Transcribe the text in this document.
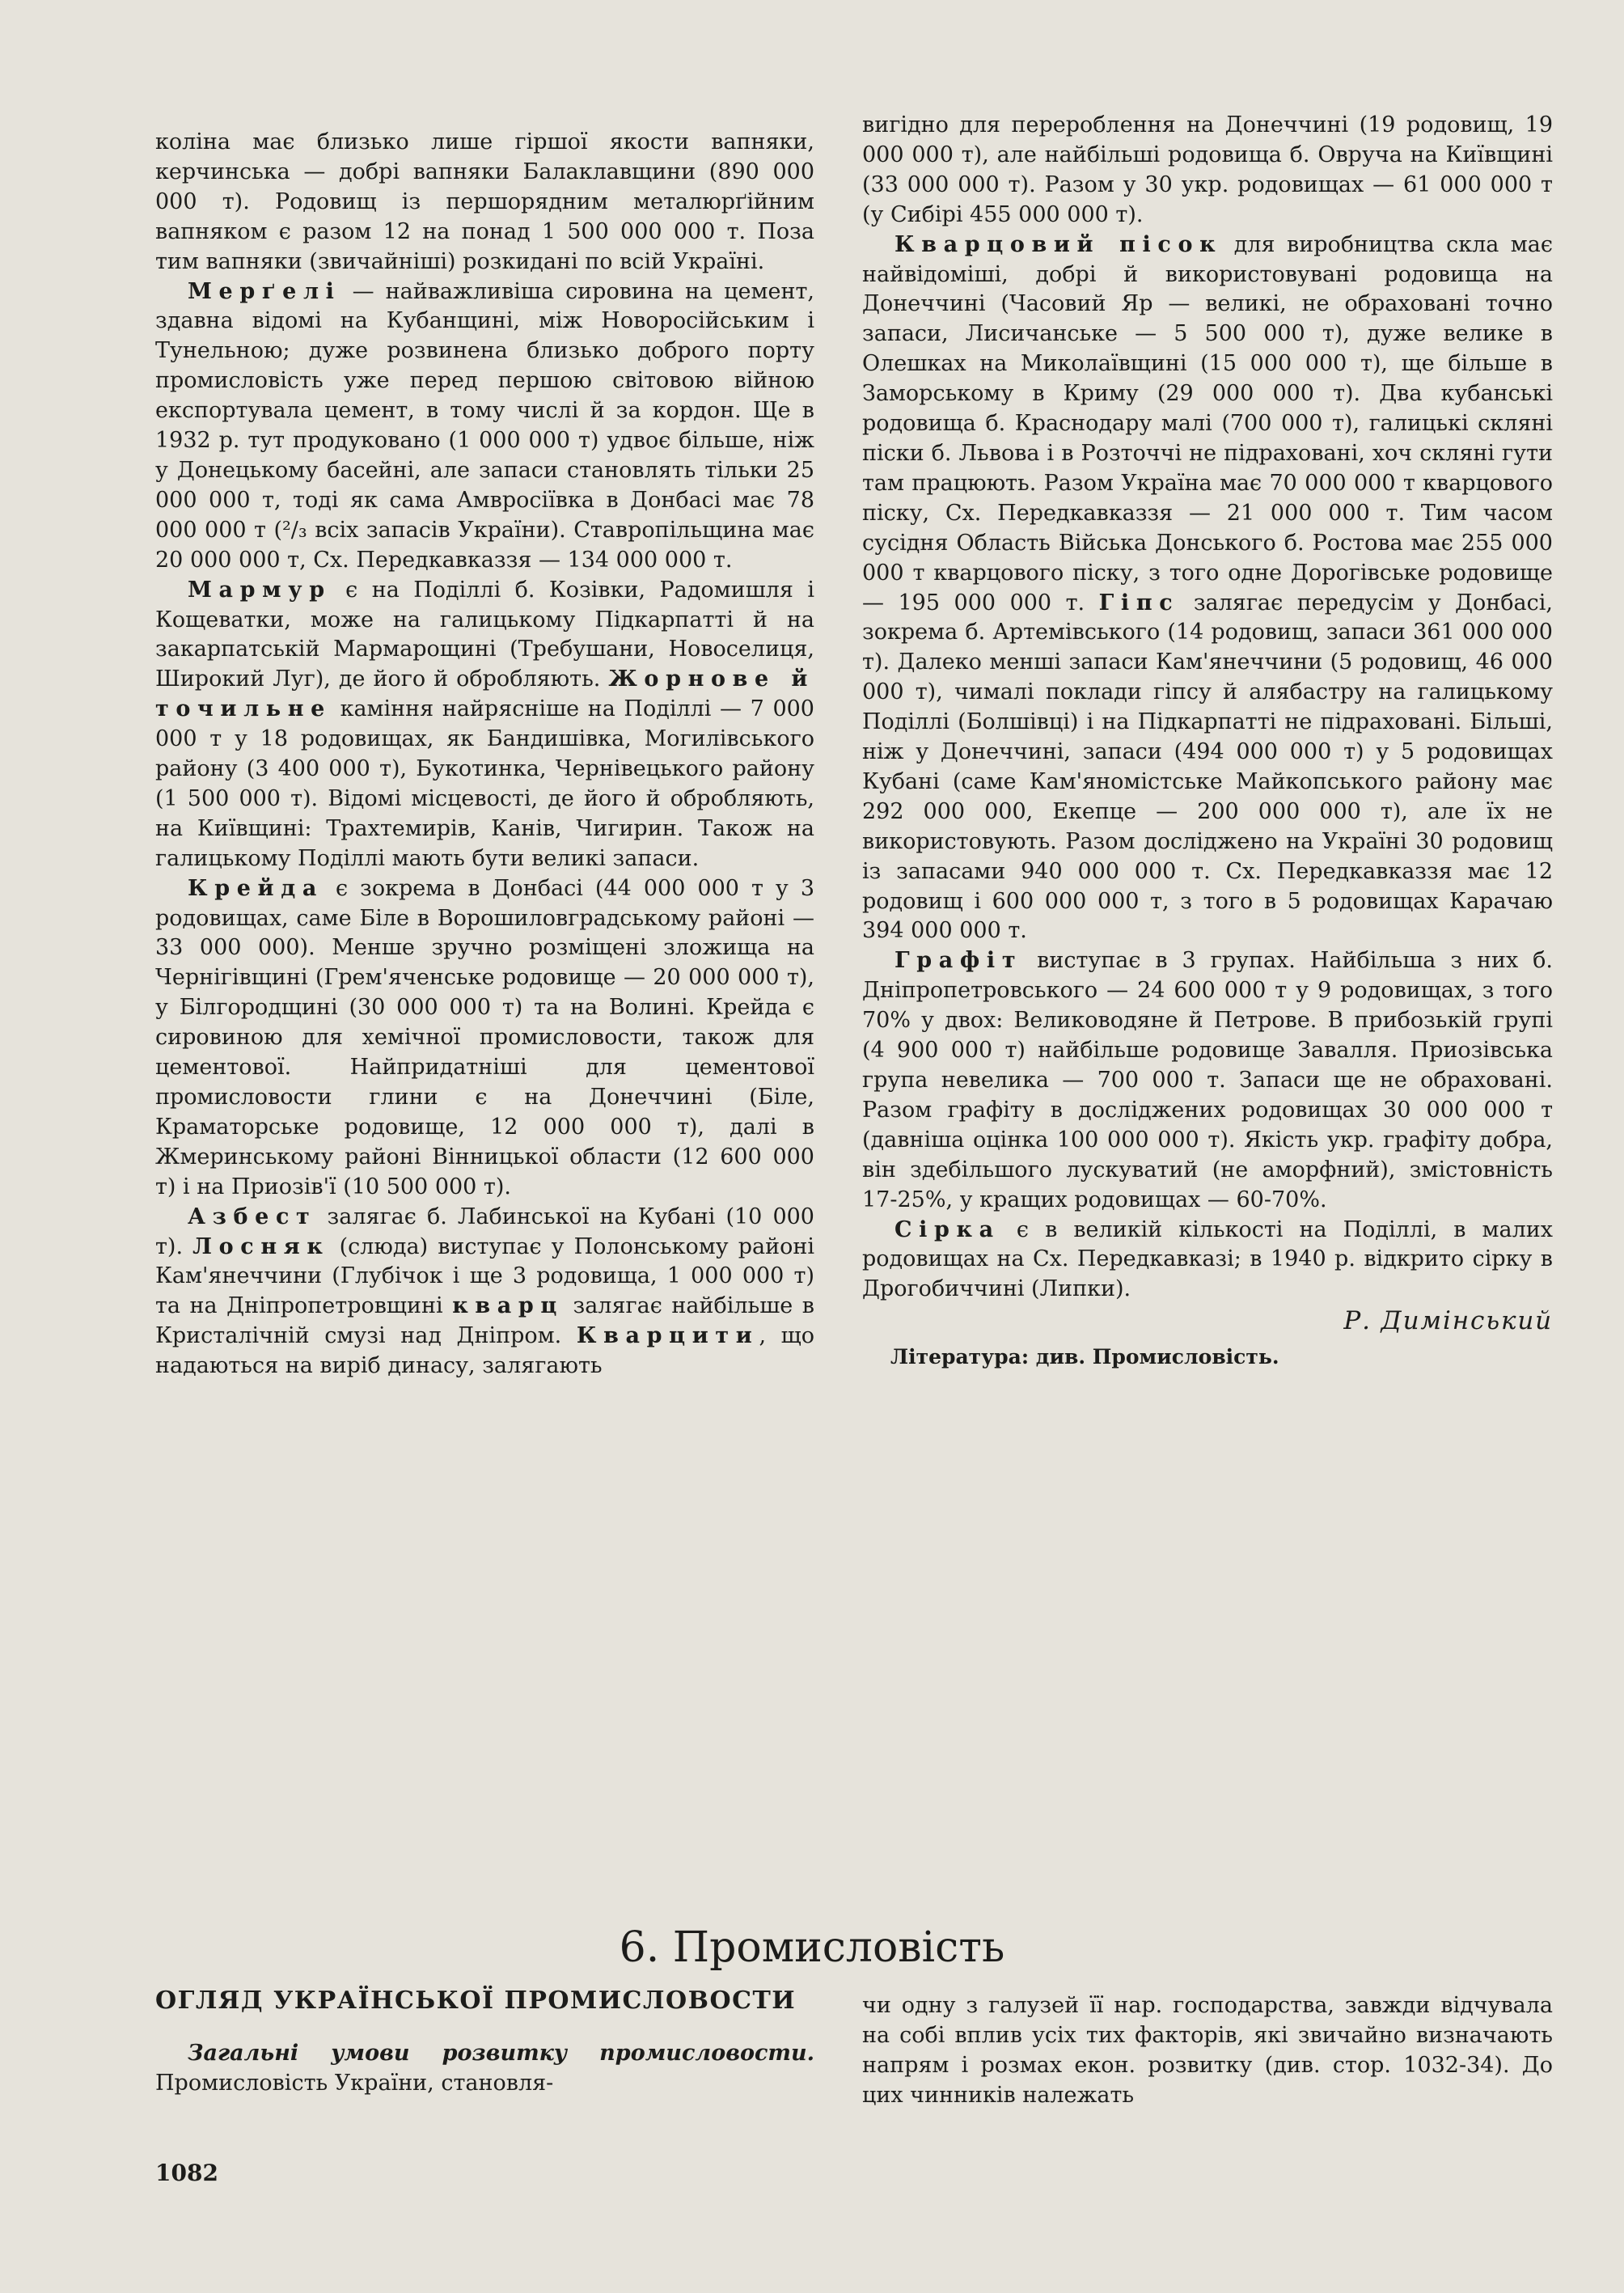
коліна має близько лише гіршої якости вапняки, керчинська — добрі вапняки Балаклавщини (890 000 000 т). Родовищ із першорядним металюрґійним вапняком є разом 12 на понад 1 500 000 000 т. Поза тим вапняки (звичайніші) розкидані по всій Україні.

Мерґелі — найважливіша сировина на цемент, здавна відомі на Кубанщині, між Новоросійським і Тунельною; дуже розвинена близько доброго порту промисловість уже перед першою світовою війною експортувала цемент, в тому числі й за кордон. Ще в 1932 р. тут продуковано (1 000 000 т) удвоє більше, ніж у Донецькому басейні, але запаси становлять тільки 25 000 000 т, тоді як сама Амвросіївка в Донбасі має 78 000 000 т (²/₃ всіх запасів України). Ставропільщина має 20 000 000 т, Сх. Передкавказзя — 134 000 000 т.

Мармур є на Поділлі б. Козівки, Радомишля і Кощеватки, може на галицькому Підкарпатті й на закарпатській Мармарощині (Требушани, Новоселиця, Широкий Луг), де його й обробляють. Жорнове й точильне каміння найрясніше на Поділлі — 7 000 000 т у 18 родовищах, як Бандишівка, Могилівського району (3 400 000 т), Букотинка, Чернівецького району (1 500 000 т). Відомі місцевості, де його й обробляють, на Київщині: Трахтемирів, Канів, Чигирин. Також на галицькому Поділлі мають бути великі запаси.

Крейда є зокрема в Донбасі (44 000 000 т у 3 родовищах, саме Біле в Ворошиловградському районі — 33 000 000). Менше зручно розміщені зложища на Чернігівщині (Грем'яченське родовище — 20 000 000 т), у Білгородщині (30 000 000 т) та на Волині. Крейда є сировиною для хемічної промисловости, також для цементової. Найпридатніші для цементової промисловости глини є на Донеччині (Біле, Краматорське родовище, 12 000 000 т), далі в Жмеринському районі Вінницької области (12 600 000 т) і на Приозів'ї (10 500 000 т).

Азбест залягає б. Лабинської на Кубані (10 000 т). Лосняк (слюда) виступає у Полонському районі Кам'янеччини (Глубічок і ще 3 родовища, 1 000 000 т) та на Дніпропетровщині кварц залягає найбільше в Кристалічній смузі над Дніпром. Кварцити, що надаються на виріб динасу, залягають

вигідно для перероблення на Донеччині (19 родовищ, 19 000 000 т), але найбільші родовища б. Овруча на Київщині (33 000 000 т). Разом у 30 укр. родовищах — 61 000 000 т (у Сибірі 455 000 000 т).

Кварцовий пісок для виробництва скла має найвідоміші, добрі й використовувані родовища на Донеччині (Часовий Яр — великі, не обраховані точно запаси, Лисичанське — 5 500 000 т), дуже велике в Олешках на Миколаївщині (15 000 000 т), ще більше в Заморському в Криму (29 000 000 т). Два кубанські родовища б. Краснодару малі (700 000 т), галицькі скляні піски б. Львова і в Розточчі не підраховані, хоч скляні гути там працюють. Разом Україна має 70 000 000 т кварцового піску, Сх. Передкавказзя — 21 000 000 т. Тим часом сусідня Область Війська Донського б. Ростова має 255 000 000 т кварцового піску, з того одне Дорогівське родовище — 195 000 000 т. Гіпс залягає передусім у Донбасі, зокрема б. Артемівського (14 родовищ, запаси 361 000 000 т). Далеко менші запаси Кам'янеччини (5 родовищ, 46 000 000 т), чималі поклади гіпсу й алябастру на галицькому Поділлі (Болшівці) і на Підкарпатті не підраховані. Більші, ніж у Донеччині, запаси (494 000 000 т) у 5 родовищах Кубані (саме Кам'яномістське Майкопського району має 292 000 000, Екепце — 200 000 000 т), але їх не використовують. Разом досліджено на Україні 30 родовищ із запасами 940 000 000 т. Сх. Передкавказзя має 12 родовищ і 600 000 000 т, з того в 5 родовищах Карачаю 394 000 000 т.

Графіт виступає в 3 групах. Найбільша з них б. Дніпропетровського — 24 600 000 т у 9 родовищах, з того 70% у двох: Велиководяне й Петрове. В прибозькій групі (4 900 000 т) найбільше родовище Завалля. Приозівська група невелика — 700 000 т. Запаси ще не обраховані. Разом графіту в досліджених родовищах 30 000 000 т (давніша оцінка 100 000 000 т). Якість укр. графіту добра, він здебільшого лускуватий (не аморфний), змістовність 17-25%, у кращих родовищах — 60-70%.

Сірка є в великій кількості на Поділлі, в малих родовищах на Сх. Передкавказі; в 1940 р. відкрито сірку в Дрогобиччині (Липки).

Р. Димінський
Література: див. Промисловість.
6. Промисловість
ОГЛЯД УКРАЇНСЬКОЇ ПРОМИСЛОВОСТИ

Загальні умови розвитку промисловости. Промисловість України, становля-

чи одну з галузей її нар. господарства, завжди відчувала на собі вплив усіх тих факторів, які звичайно визначають напрям і розмах екон. розвитку (див. стор. 1032-34). До цих чинників належать

1082
